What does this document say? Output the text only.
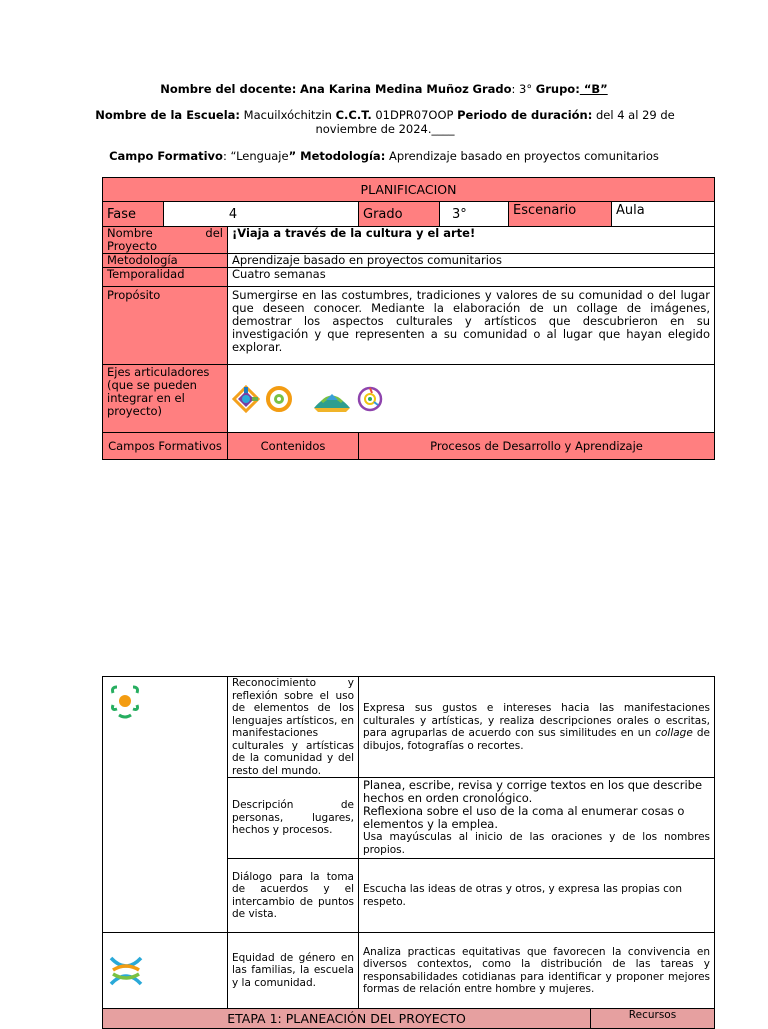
Nombre del docente: Ana Karina Medina Muñoz Grado: 3° Grupo: “B”
Nombre de la Escuela: Macuilxóchitzin C.C.T. 01DPR07OOP Periodo de duración: del 4 al 29 de
noviembre de 2024.____
Campo Formativo: “Lenguaje” Metodología: Aprendizaje basado en proyectos comunitarios
PLANIFICACION					
Fase	4		Grado	3°	Escenario Aula

Nombre del Proyecto		¡Viaja a través de la cultura y el arte!			
Metodología		Aprendizaje basado en proyectos comunitarios			
Temporalidad		Cuatro semanas			
Propósito		Sumergirse en las costumbres, tradiciones y valores de su comunidad o del lugar que deseen conocer. Mediante la elaboración de un collage de imágenes, demostrar los aspectos culturales y artísticos que descubrieron en su investigación y que representen a su comunidad o al lugar que hayan elegido explorar.			
Ejes articuladores (que se pueden integrar en el proyecto)	

Campos Formativos		Contenidos	Procesos de Desarrollo y Aprendizaje		
	Reconocimiento y reflexión sobre el uso de elementos de los lenguajes artísticos, en manifestaciones culturales y artísticas de la comunidad y del resto del mundo.	Expresa sus gustos e intereses hacia las manifestaciones culturales y artísticas, y realiza descripciones orales o escritas, para agruparlas de acuerdo con sus similitudes en un collage de dibujos, fotografías o recortes.	
	Descripción de personas, lugares, hechos y procesos.	Planea, escribe, revisa y corrige textos en los que describe hechos en orden cronológico.
Reflexiona sobre el uso de la coma al enumerar cosas o elementos y la emplea.
Usa mayúsculas al inicio de las oraciones y de los nombres propios.	

	Diálogo para la toma de acuerdos y el intercambio de puntos de vista.	Escucha las ideas de otras y otros, y expresa las propias con respeto.	

	Equidad de género en las familias, la escuela y la comunidad.	Analiza practicas equitativas que favorecen la convivencia en diversos contextos, como la distribución de las tareas y responsabilidades cotidianas para identificar y proponer mejores formas de relación entre hombre y mujeres.	
ETAPA 1: PLANEACIÓN DEL PROYECTO			Recursos
